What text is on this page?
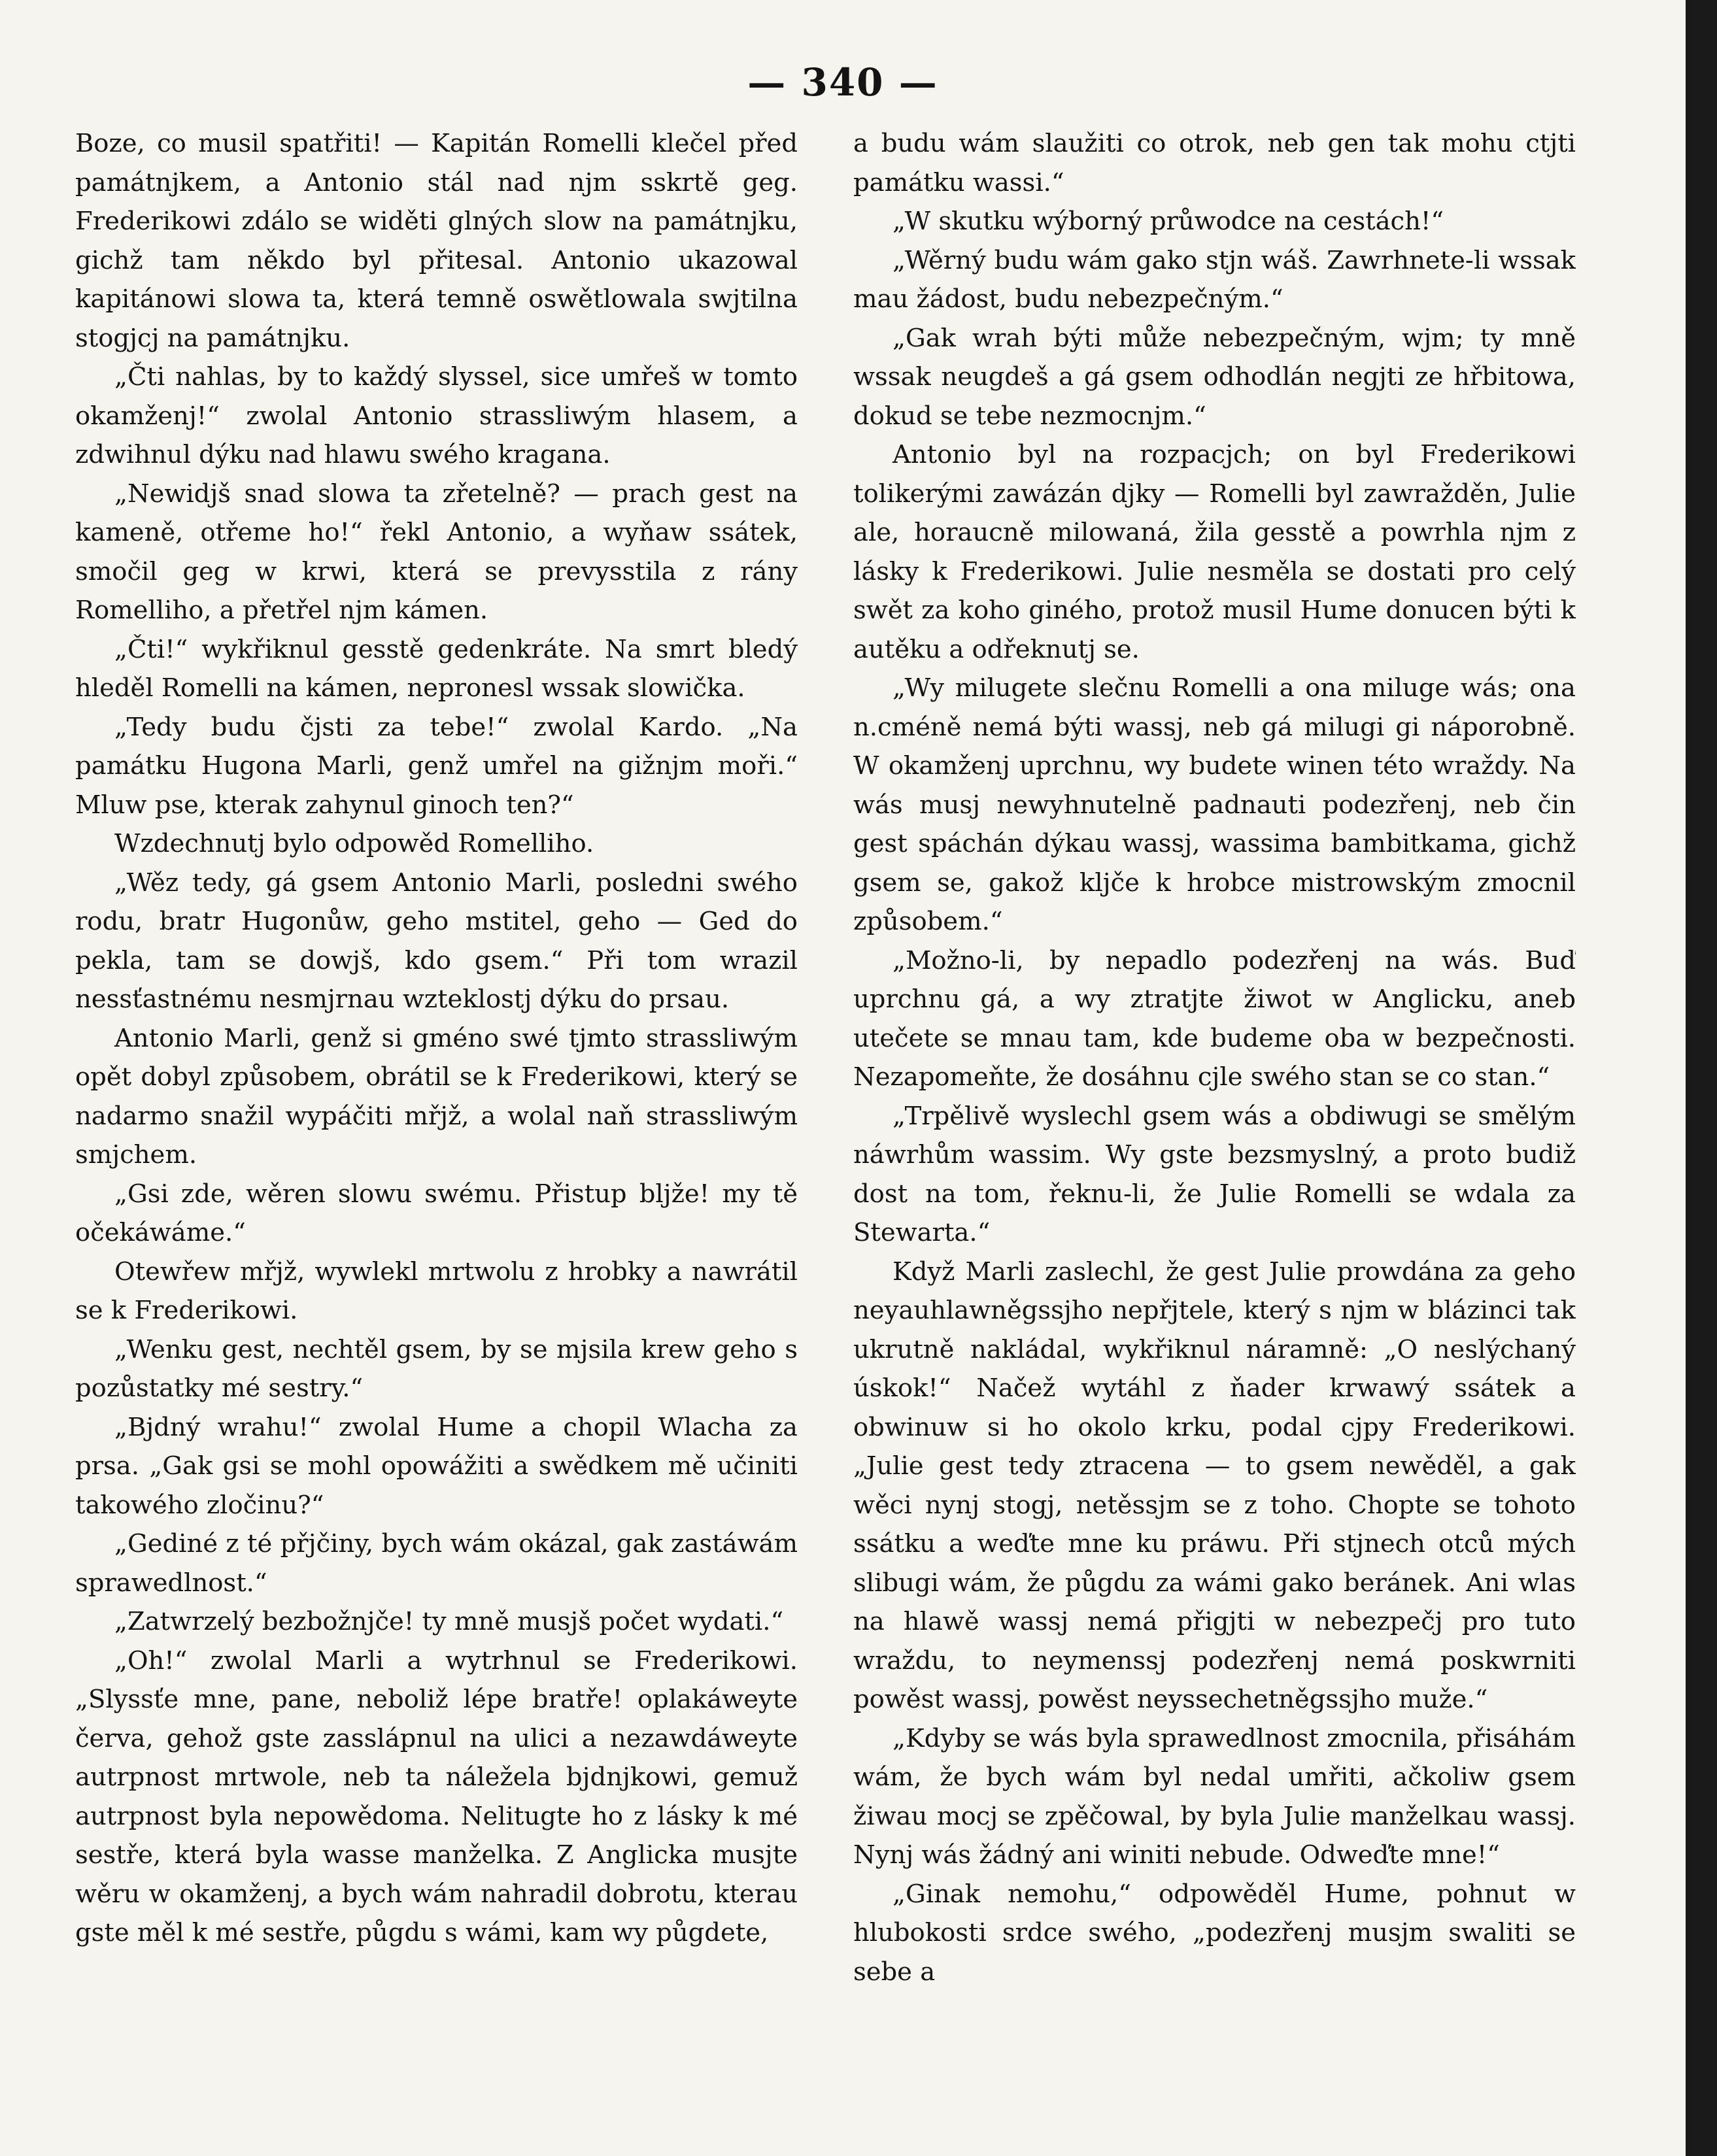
— 340 —

Boze, co musil spatřiti! — Kapitán Romelli klečel před památnjkem, a Antonio stál nad njm sskrtě geg. Frederikowi zdálo se widěti glných slow na památnjku, gichž tam někdo byl přitesal. Antonio ukazowal kapitánowi slowa ta, která temně oswětlowala swjtilna stogjcj na památnjku.

„Čti nahlas, by to každý slyssel, sice umřeš w tomto okamženj!“ zwolal Antonio strassliwým hlasem, a zdwihnul dýku nad hlawu swého kragana.

„Newidjš snad slowa ta zřetelně? — prach gest na kameně, otřeme ho!“ řekl Antonio, a wyňaw ssátek, smočil geg w krwi, která se prevysstila z rány Romelliho, a přetřel njm kámen.

„Čti!“ wykřiknul gesstě gedenkráte. Na smrt bledý hleděl Romelli na kámen, nepronesl wssak slowička.

„Tedy budu čjsti za tebe!“ zwolal Kardo. „Na památku Hugona Marli, genž umřel na gižnjm moři.“ Mluw pse, kterak zahynul ginoch ten?“

Wzdechnutj bylo odpowěd Romelliho.

„Wěz tedy, gá gsem Antonio Marli, posledni swého rodu, bratr Hugonůw, geho mstitel, geho — Ged do pekla, tam se dowjš, kdo gsem.“ Při tom wrazil nessťastnému nesmjrnau wzteklostj dýku do prsau.

Antonio Marli, genž si gméno swé tjmto strassliwým opět dobyl způsobem, obrátil se k Frederikowi, který se nadarmo snažil wypáčiti mřjž, a wolal naň strassliwým smjchem.

„Gsi zde, wěren slowu swému. Přistup bljže! my tě očekáwáme.“

Otewřew mřjž, wywlekl mrtwolu z hrobky a nawrátil se k Frederikowi.

„Wenku gest, nechtěl gsem, by se mjsila krew geho s pozůstatky mé sestry.“

„Bjdný wrahu!“ zwolal Hume a chopil Wlacha za prsa. „Gak gsi se mohl opowážiti a swědkem mě učiniti takowého zločinu?“

„Gediné z té přjčiny, bych wám okázal, gak zastáwám sprawedlnost.“

„Zatwrzelý bezbožnjče! ty mně musjš počet wydati.“

„Oh!“ zwolal Marli a wytrhnul se Frederikowi. „Slyssťe mne, pane, neboliž lépe bratře! oplakáweyte červa, gehož gste zasslápnul na ulici a nezawdáweyte autrpnost mrtwole, neb ta náležela bjdnjkowi, gemuž autrpnost byla nepowědoma. Nelitugte ho z lásky k mé sestře, která byla wasse manželka. Z Anglicka musjte wěru w okamženj, a bych wám nahradil dobrotu, kterau gste měl k mé sestře, půgdu s wámi, kam wy půgdete,

a budu wám slaužiti co otrok, neb gen tak mohu ctjti památku wassi.“

„W skutku wýborný průwodce na cestách!“

„Wěrný budu wám gako stjn wáš. Zawrhnete-li wssak mau žádost, budu nebezpečným.“

„Gak wrah býti může nebezpečným, wjm; ty mně wssak neugdeš a gá gsem odhodlán negjti ze hřbitowa, dokud se tebe nezmocnjm.“

Antonio byl na rozpacjch; on byl Frederikowi tolikerými zawázán djky — Romelli byl zawražděn, Julie ale, horaucně milowaná, žila gesstě a powrhla njm z lásky k Frederikowi. Julie nesměla se dostati pro celý swět za koho giného, protož musil Hume donucen býti k autěku a odřeknutj se.

„Wy milugete slečnu Romelli a ona miluge wás; ona n.cméně nemá býti wassj, neb gá milugi gi náporobně. W okamženj uprchnu, wy budete winen této wraždy. Na wás musj newyhnutelně padnauti podezřenj, neb čin gest spáchán dýkau wassj, wassima bambitkama, gichž gsem se, gakož kljče k hrobce mistrowským zmocnil způsobem.“

„Možno-li, by nepadlo podezřenj na wás. Buď uprchnu gá, a wy ztratjte žiwot w Anglicku, aneb utečete se mnau tam, kde budeme oba w bezpečnosti. Nezapomeňte, že dosáhnu cjle swého stan se co stan.“

„Trpělivě wyslechl gsem wás a obdiwugi se smělým náwrhům wassim. Wy gste bezsmyslný, a proto budiž dost na tom, řeknu-li, že Julie Romelli se wdala za Stewarta.“

Když Marli zaslechl, že gest Julie prowdána za geho neyauhlawněgssjho nepřjtele, který s njm w blázinci tak ukrutně nakládal, wykřiknul náramně: „O neslýchaný úskok!“ Načež wytáhl z ňader krwawý ssátek a obwinuw si ho okolo krku, podal cjpy Frederikowi. „Julie gest tedy ztracena — to gsem newěděl, a gak wěci nynj stogj, netěssjm se z toho. Chopte se tohoto ssátku a weďte mne ku práwu. Při stjnech otců mých slibugi wám, že půgdu za wámi gako beránek. Ani wlas na hlawě wassj nemá přigjti w nebezpečj pro tuto wraždu, to neymenssj podezřenj nemá poskwrniti powěst wassj, powěst neyssechetněgssjho muže.“

„Kdyby se wás byla sprawedlnost zmocnila, přisáhám wám, že bych wám byl nedal umřiti, ačkoliw gsem žiwau mocj se zpěčowal, by byla Julie manželkau wassj. Nynj wás žádný ani winiti nebude. Odweďte mne!“

„Ginak nemohu,“ odpowěděl Hume, pohnut w hlubokosti srdce swého, „podezřenj musjm swaliti se sebe a
